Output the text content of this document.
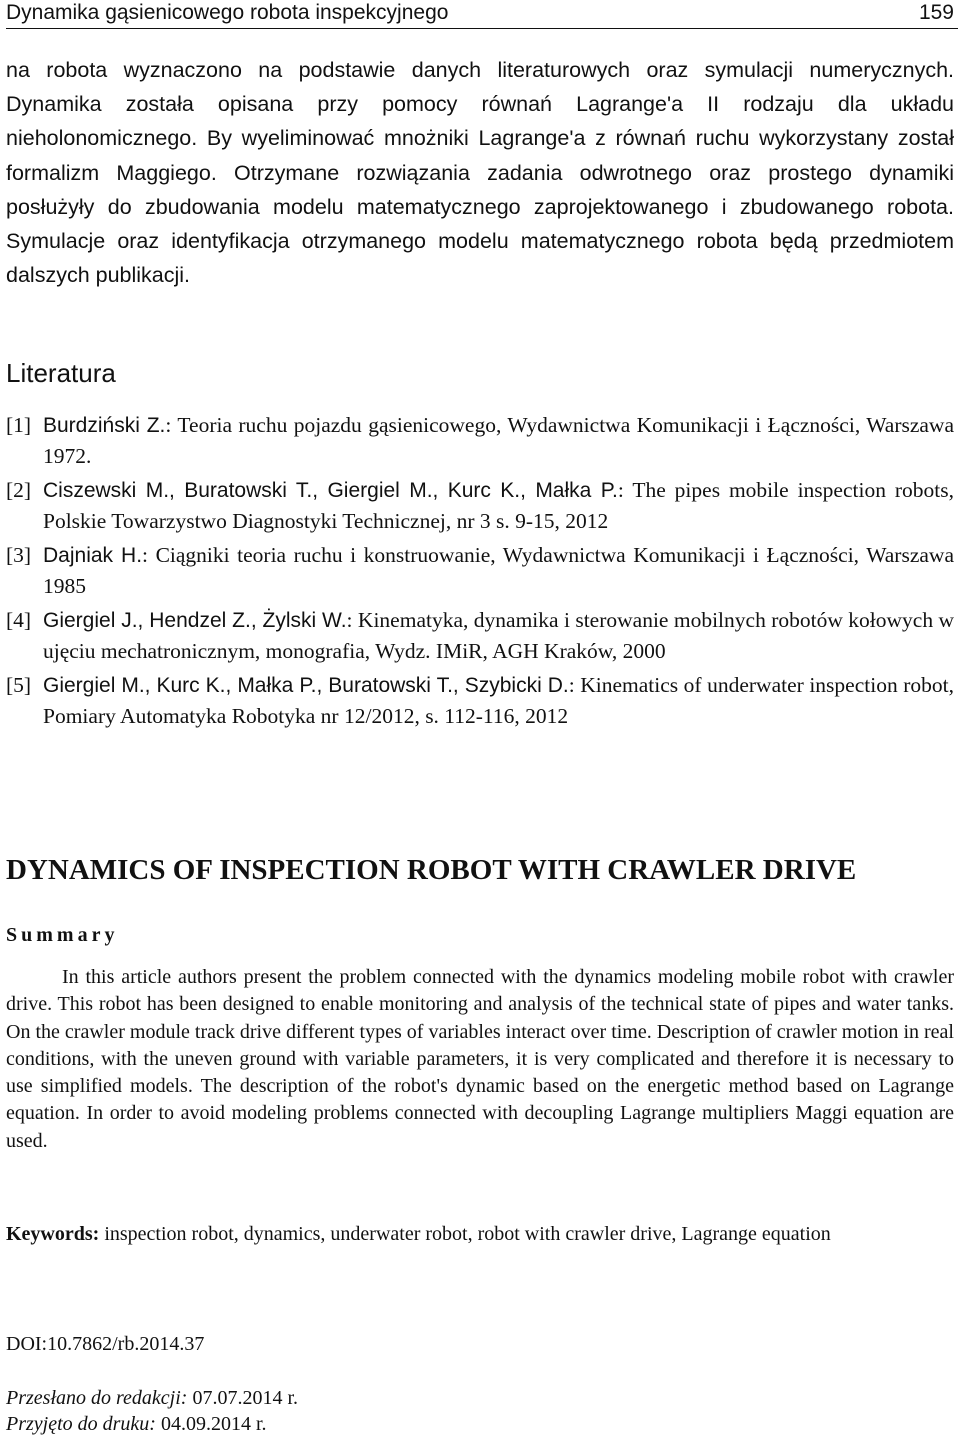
Dynamika gąsienicowego robota inspekcyjnego	159

na robota wyznaczono na podstawie danych literaturowych oraz symulacji numerycznych. Dynamika została opisana przy pomocy równań Lagrange'a II rodzaju dla układu nieholonomicznego. By wyeliminować mnożniki Lagrange'a z równań ruchu wykorzystany został formalizm Maggiego. Otrzymane rozwiązania zadania odwrotnego oraz prostego dynamiki posłużyły do zbudowania modelu matematycznego zaprojektowanego i zbudowanego robota. Symulacje oraz identyfikacja otrzymanego modelu matematycznego robota będą przedmiotem dalszych publikacji.

Literatura
[1] Burdziński Z.: Teoria ruchu pojazdu gąsienicowego, Wydawnictwa Komunikacji i Łączności, Warszawa 1972.
[2] Ciszewski M., Buratowski T., Giergiel M., Kurc K., Małka P.: The pipes mobile inspection robots, Polskie Towarzystwo Diagnostyki Technicznej, nr 3 s. 9-15, 2012
[3] Dajniak H.: Ciągniki teoria ruchu i konstruowanie, Wydawnictwa Komunikacji i Łączności, Warszawa 1985
[4] Giergiel J., Hendzel Z., Żylski W.: Kinematyka, dynamika i sterowanie mobilnych robotów kołowych w ujęciu mechatronicznym, monografia, Wydz. IMiR, AGH Kraków, 2000
[5] Giergiel M., Kurc K., Małka P., Buratowski T., Szybicki D.: Kinematics of underwater inspection robot, Pomiary Automatyka Robotyka nr 12/2012, s. 112-116, 2012
DYNAMICS OF INSPECTION ROBOT WITH CRAWLER DRIVE
Summary

In this article authors present the problem connected with the dynamics modeling mobile robot with crawler drive. This robot has been designed to enable monitoring and analysis of the technical state of pipes and water tanks. On the crawler module track drive different types of variables interact over time. Description of crawler motion in real conditions, with the uneven ground with variable parameters, it is very complicated and therefore it is necessary to use simplified models. The description of the robot's dynamic based on the energetic method based on Lagrange equation. In order to avoid modeling problems connected with decoupling Lagrange multipliers Maggi equation are used.

Keywords: inspection robot, dynamics, underwater robot, robot with crawler drive, Lagrange equation

DOI:10.7862/rb.2014.37

Przesłano do redakcji: 07.07.2014 r.
Przyjęto do druku: 04.09.2014 r.
